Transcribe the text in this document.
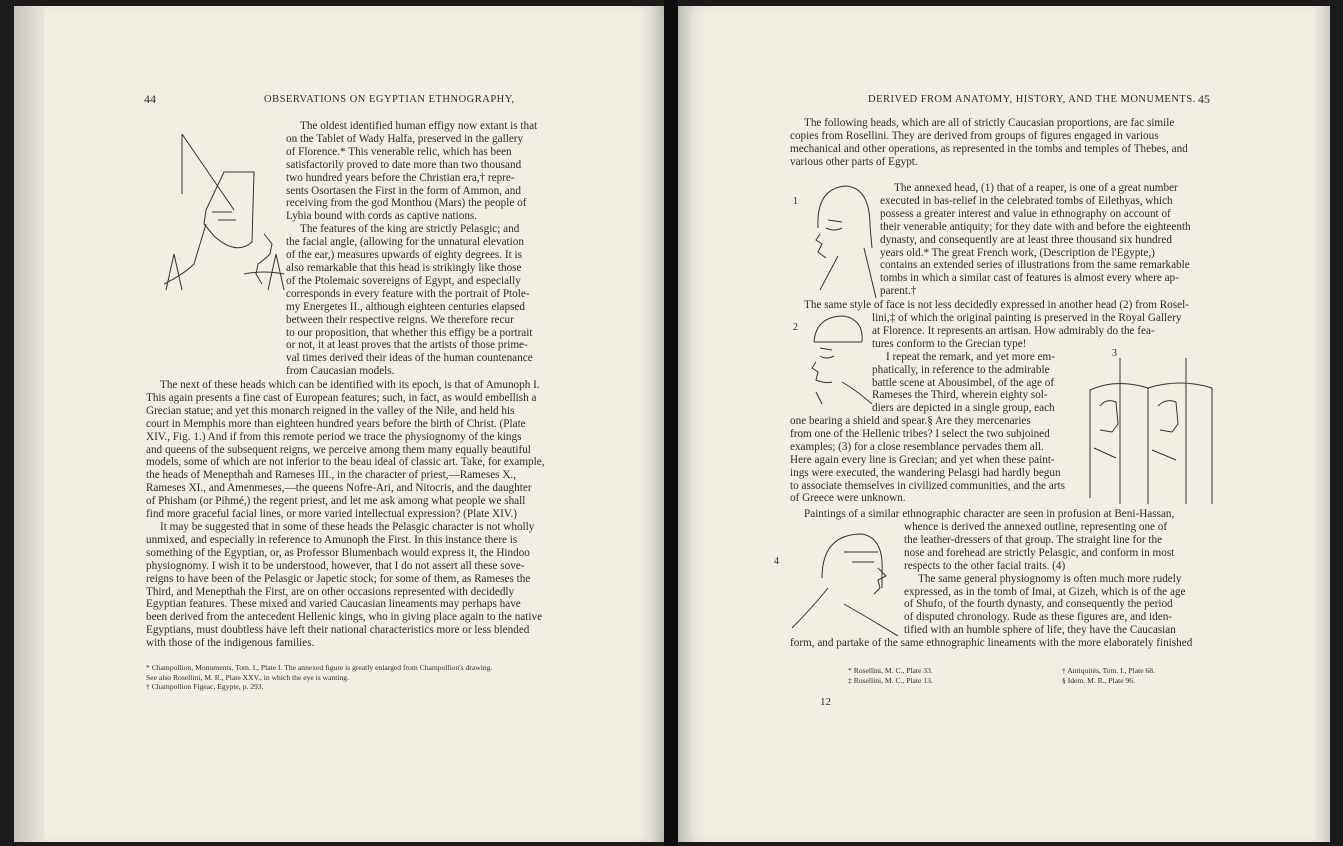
44	OBSERVATIONS ON EGYPTIAN ETHNOGRAPHY,

The oldest identified human effigy now extant is that

on the Tablet of Wady Halfa, preserved in the gallery

of Florence.* This venerable relic, which has been

satisfactorily proved to date more than two thousand

two hundred years before the Christian era,† repre-

sents Osortasen the First in the form of Ammon, and

receiving from the god Monthou (Mars) the people of

Lybia bound with cords as captive nations.

The features of the king are strictly Pelasgic; and

the facial angle, (allowing for the unnatural elevation

of the ear,) measures upwards of eighty degrees. It is

also remarkable that this head is strikingly like those

of the Ptolemaic sovereigns of Egypt, and especially

corresponds in every feature with the portrait of Ptole-

my Energetes II., although eighteen centuries elapsed

between their respective reigns. We therefore recur

to our proposition, that whether this effigy be a portrait

or not, it at least proves that the artists of those prime-

val times derived their ideas of the human countenance

from Caucasian models.

The next of these heads which can be identified with its epoch, is that of Amunoph I.

This again presents a fine cast of European features; such, in fact, as would embellish a

Grecian statue; and yet this monarch reigned in the valley of the Nile, and held his

court in Memphis more than eighteen hundred years before the birth of Christ. (Plate

XIV., Fig. 1.) And if from this remote period we trace the physiognomy of the kings

and queens of the subsequent reigns, we perceive among them many equally beautiful

models, some of which are not inferior to the beau ideal of classic art. Take, for example,

the heads of Menepthah and Rameses III., in the character of priest,—Rameses X.,

Rameses XI., and Amenmeses,—the queens Nofre-Ari, and Nitocris, and the daughter

of Phisham (or Pihmé,) the regent priest, and let me ask among what people we shall

find more graceful facial lines, or more varied intellectual expression? (Plate XIV.)

It may be suggested that in some of these heads the Pelasgic character is not wholly

unmixed, and especially in reference to Amunoph the First. In this instance there is

something of the Egyptian, or, as Professor Blumenbach would express it, the Hindoo

physiognomy. I wish it to be understood, however, that I do not assert all these sove-

reigns to have been of the Pelasgic or Japetic stock; for some of them, as Rameses the

Third, and Menepthah the First, are on other occasions represented with decidedly

Egyptian features. These mixed and varied Caucasian lineaments may perhaps have

been derived from the antecedent Hellenic kings, who in giving place again to the native

Egyptians, must doubtless have left their national characteristics more or less blended

with those of the indigenous families.

* Champollion, Monuments, Tom. I., Plate I. The annexed figure is greatly enlarged from Champollion's drawing.

See also Rosellini, M. R., Plate XXV., in which the eye is wanting.

† Champollion Figeac, Egypte, p. 293.

DERIVED FROM ANATOMY, HISTORY, AND THE MONUMENTS. 45

The following heads, which are all of strictly Caucasian proportions, are fac simile

copies from Rosellini. They are derived from groups of figures engaged in various

mechanical and other operations, as represented in the tombs and temples of Thebes, and

various other parts of Egypt.

1

The annexed head, (1) that of a reaper, is one of a great number

executed in bas-relief in the celebrated tombs of Eilethyas, which

possess a greater interest and value in ethnography on account of

their venerable antiquity; for they date with and before the eighteenth

dynasty, and consequently are at least three thousand six hundred

years old.* The great French work, (Description de l'Egypte,)

contains an extended series of illustrations from the same remarkable

tombs in which a similar cast of features is almost every where ap-

parent.†

The same style of face is not less decidedly expressed in another head (2) from Rosel-

2

lini,‡ of which the original painting is preserved in the Royal Gallery

at Florence. It represents an artisan. How admirably do the fea-

tures conform to the Grecian type!

I repeat the remark, and yet more em-

phatically, in reference to the admirable

battle scene at Abousimbel, of the age of

Rameses the Third, wherein eighty sol-

diers are depicted in a single group, each

3

one bearing a shield and spear.§ Are they mercenaries

from one of the Hellenic tribes? I select the two subjoined

examples; (3) for a close resemblance pervades them all.

Here again every line is Grecian; and yet when these paint-

ings were executed, the wandering Pelasgi had hardly begun

to associate themselves in civilized communities, and the arts

of Greece were unknown.

Paintings of a similar ethnographic character are seen in profusion at Beni-Hassan,

4

whence is derived the annexed outline, representing one of

the leather-dressers of that group. The straight line for the

nose and forehead are strictly Pelasgic, and conform in most

respects to the other facial traits. (4)

The same general physiognomy is often much more rudely

expressed, as in the tomb of Imai, at Gizeh, which is of the age

of Shufo, of the fourth dynasty, and consequently the period

of disputed chronology. Rude as these figures are, and iden-

tified with an humble sphere of life, they have the Caucasian

form, and partake of the same ethnographic lineaments with the more elaborately finished

* Rosellini, M. C., Plate 33.

‡ Rosellini, M. C., Plate 13.

† Antiquités, Tom. I., Plate 68.

§ Idem. M. R., Plate 96.

12
